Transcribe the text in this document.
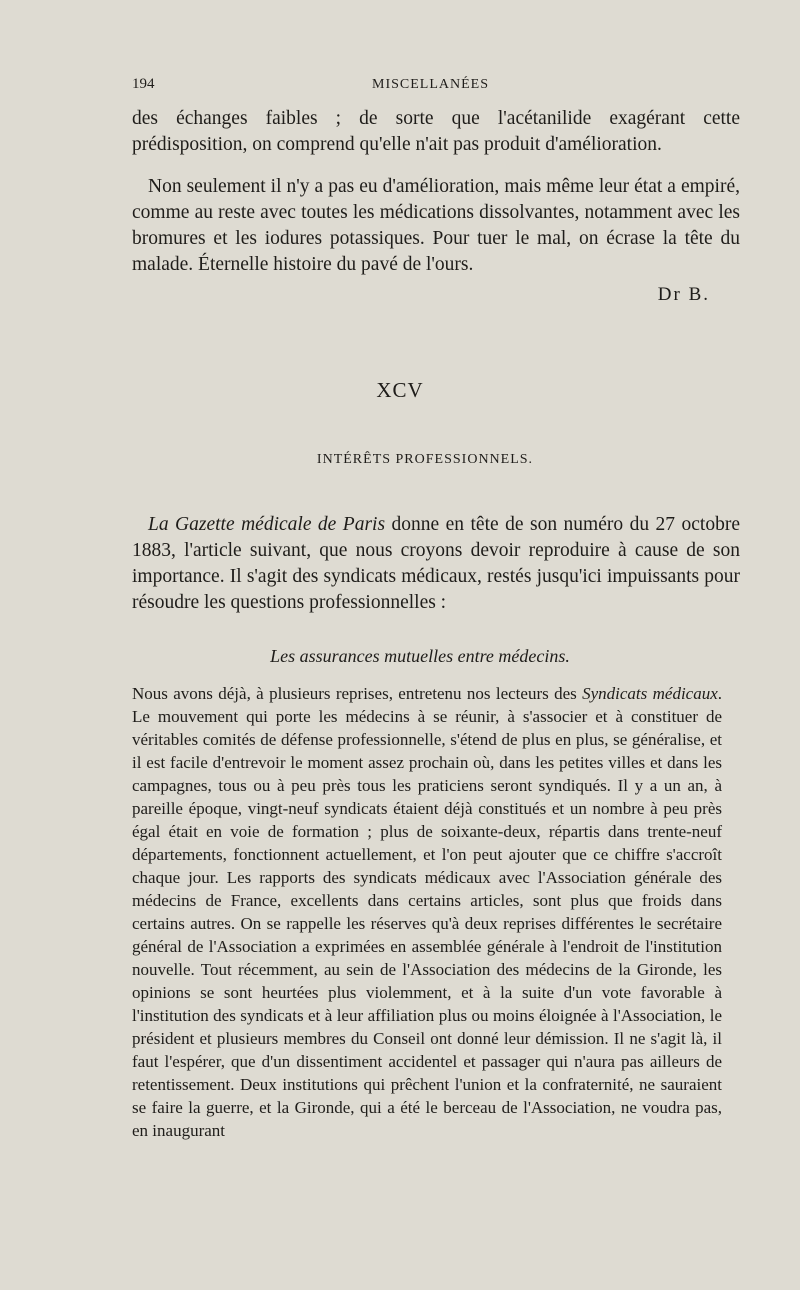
194	MISCELLANÉES

des échanges faibles ; de sorte que l'acétanilide exagérant cette prédisposition, on comprend qu'elle n'ait pas produit d'amélioration.

Non seulement il n'y a pas eu d'amélioration, mais même leur état a empiré, comme au reste avec toutes les médications dissolvantes, notamment avec les bromures et les iodures potassiques. Pour tuer le mal, on écrase la tête du malade. Éternelle histoire du pavé de l'ours.

Dr B.
XCV
INTÉRÊTS PROFESSIONNELS.

La Gazette médicale de Paris donne en tête de son numéro du 27 octobre 1883, l'article suivant, que nous croyons devoir reproduire à cause de son importance. Il s'agit des syndicats médicaux, restés jusqu'ici impuissants pour résoudre les questions professionnelles :

Les assurances mutuelles entre médecins.

Nous avons déjà, à plusieurs reprises, entretenu nos lecteurs des Syndicats médicaux. Le mouvement qui porte les médecins à se réunir, à s'associer et à constituer de véritables comités de défense professionnelle, s'étend de plus en plus, se généralise, et il est facile d'entrevoir le moment assez prochain où, dans les petites villes et dans les campagnes, tous ou à peu près tous les praticiens seront syndiqués. Il y a un an, à pareille époque, vingt-neuf syndicats étaient déjà constitués et un nombre à peu près égal était en voie de formation ; plus de soixante-deux, répartis dans trente-neuf départements, fonctionnent actuellement, et l'on peut ajouter que ce chiffre s'accroît chaque jour. Les rapports des syndicats médicaux avec l'Association générale des médecins de France, excellents dans certains articles, sont plus que froids dans certains autres. On se rappelle les réserves qu'à deux reprises différentes le secrétaire général de l'Association a exprimées en assemblée générale à l'endroit de l'institution nouvelle. Tout récemment, au sein de l'Association des médecins de la Gironde, les opinions se sont heurtées plus violemment, et à la suite d'un vote favorable à l'institution des syndicats et à leur affiliation plus ou moins éloignée à l'Association, le président et plusieurs membres du Conseil ont donné leur démission. Il ne s'agit là, il faut l'espérer, que d'un dissentiment accidentel et passager qui n'aura pas ailleurs de retentissement. Deux institutions qui prêchent l'union et la confraternité, ne sauraient se faire la guerre, et la Gironde, qui a été le berceau de l'Association, ne voudra pas, en inaugurant
